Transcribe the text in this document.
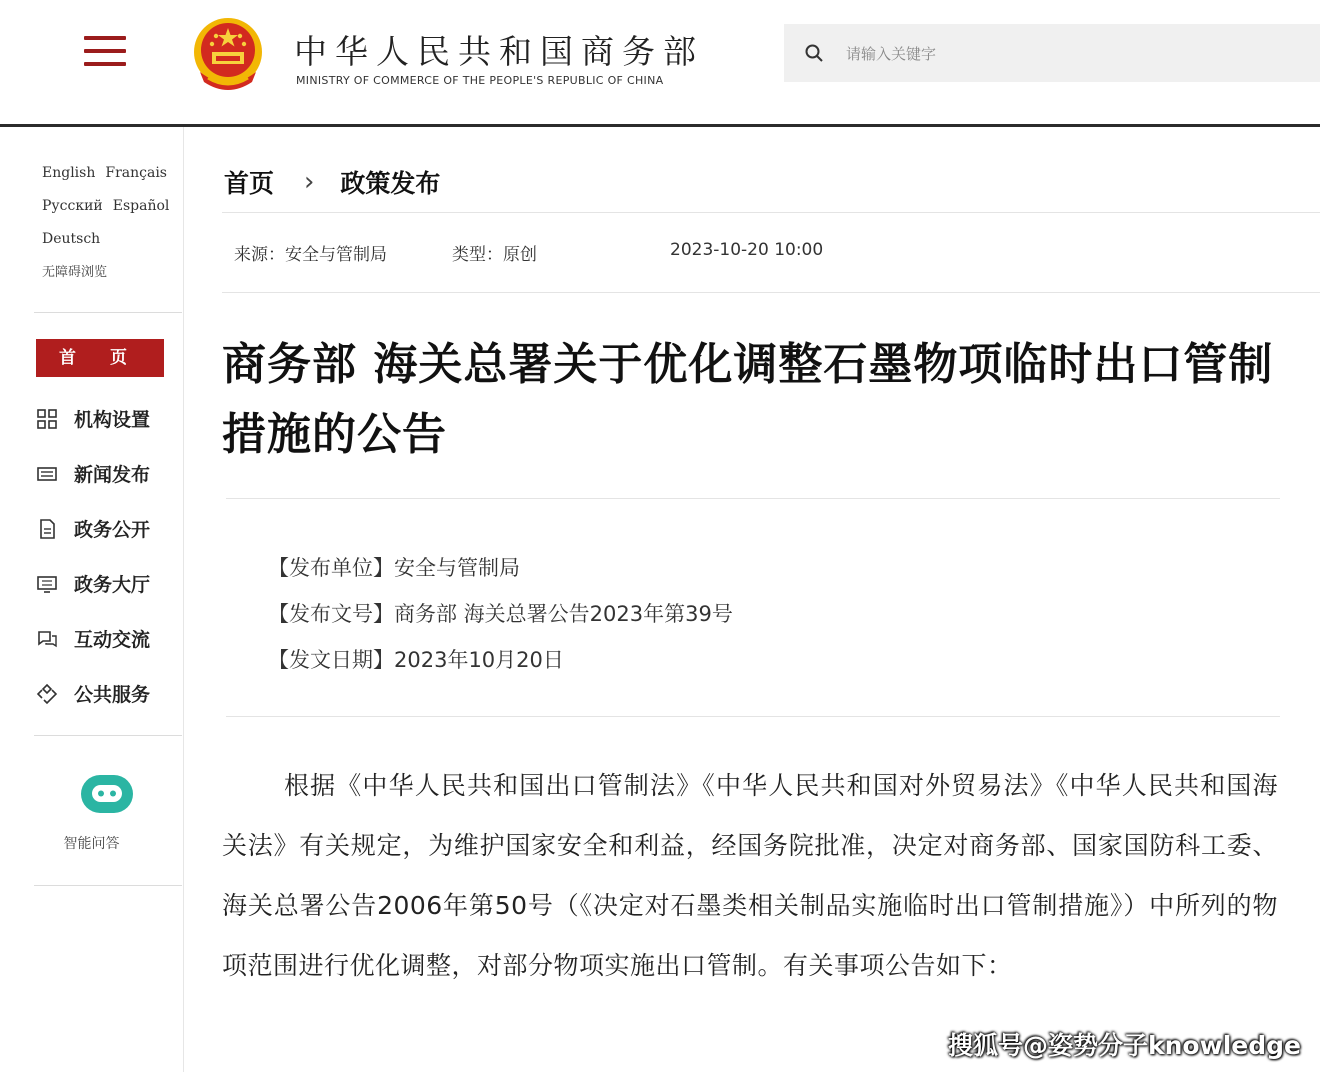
中华人民共和国商务部
MINISTRY OF COMMERCE OF THE PEOPLE'S REPUBLIC OF CHINA
请输入关键字
English Français
Русский Español
Deutsch
无障碍浏览
首 页
机构设置
新闻发布
政务公开
政务大厅
互动交流
公共服务
智能问答
首页 › 政策发布
来源：安全与管制局	类型：原创	2023-10-20 10:00
商务部 海关总署关于优化调整石墨物项临时出口管制措施的公告
【发布单位】安全与管制局
【发布文号】商务部 海关总署公告2023年第39号
【发文日期】2023年10月20日
根据《中华人民共和国出口管制法》《中华人民共和国对外贸易法》《中华人民共和国海关法》有关规定，为维护国家安全和利益，经国务院批准，决定对商务部、国家国防科工委、海关总署公告2006年第50号（《决定对石墨类相关制品实施临时出口管制措施》）中所列的物项范围进行优化调整，对部分物项实施出口管制。有关事项公告如下：
搜狐号@姿势分子knowledge
